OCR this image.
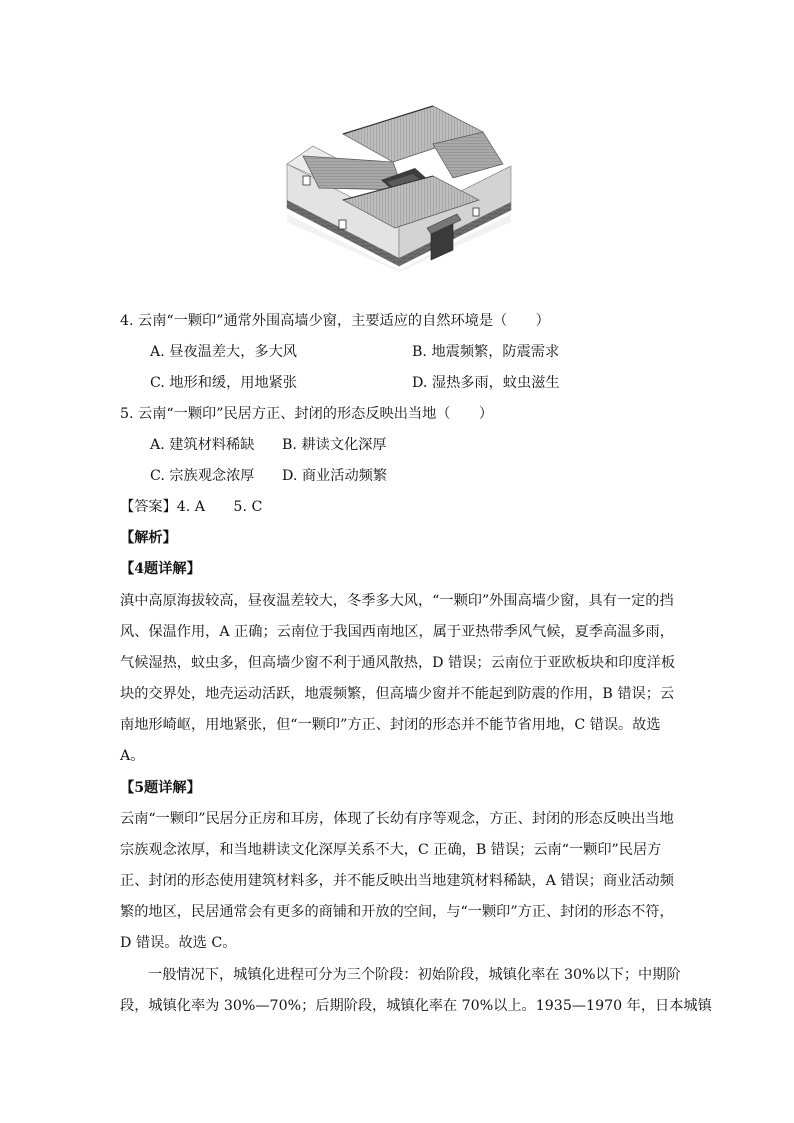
4. 云南“一颗印”通常外围高墙少窗，主要适应的自然环境是（　　）
A. 昼夜温差大，多大风	B. 地震频繁，防震需求
C. 地形和缓，用地紧张	D. 湿热多雨，蚊虫滋生
5. 云南“一颗印”民居方正、封闭的形态反映出当地（　　）
A. 建筑材料稀缺 B. 耕读文化深厚
C. 宗族观念浓厚 D. 商业活动频繁
【答案】4. A　　5. C
【解析】
【4题详解】
滇中高原海拔较高，昼夜温差较大，冬季多大风，“一颗印”外围高墙少窗，具有一定的挡
风、保温作用，A 正确；云南位于我国西南地区，属于亚热带季风气候，夏季高温多雨，
气候湿热，蚊虫多，但高墙少窗不利于通风散热，D 错误；云南位于亚欧板块和印度洋板
块的交界处，地壳运动活跃，地震频繁，但高墙少窗并不能起到防震的作用，B 错误；云
南地形崎岖，用地紧张，但“一颗印”方正、封闭的形态并不能节省用地，C 错误。故选
A。
【5题详解】
云南“一颗印”民居分正房和耳房，体现了长幼有序等观念，方正、封闭的形态反映出当地
宗族观念浓厚，和当地耕读文化深厚关系不大，C 正确，B 错误；云南“一颗印”民居方
正、封闭的形态使用建筑材料多，并不能反映出当地建筑材料稀缺，A 错误；商业活动频
繁的地区，民居通常会有更多的商铺和开放的空间，与“一颗印”方正、封闭的形态不符，
D 错误。故选 C。
一般情况下，城镇化进程可分为三个阶段：初始阶段，城镇化率在 30%以下；中期阶
段，城镇化率为 30%—70%；后期阶段，城镇化率在 70%以上。1935—1970 年，日本城镇
